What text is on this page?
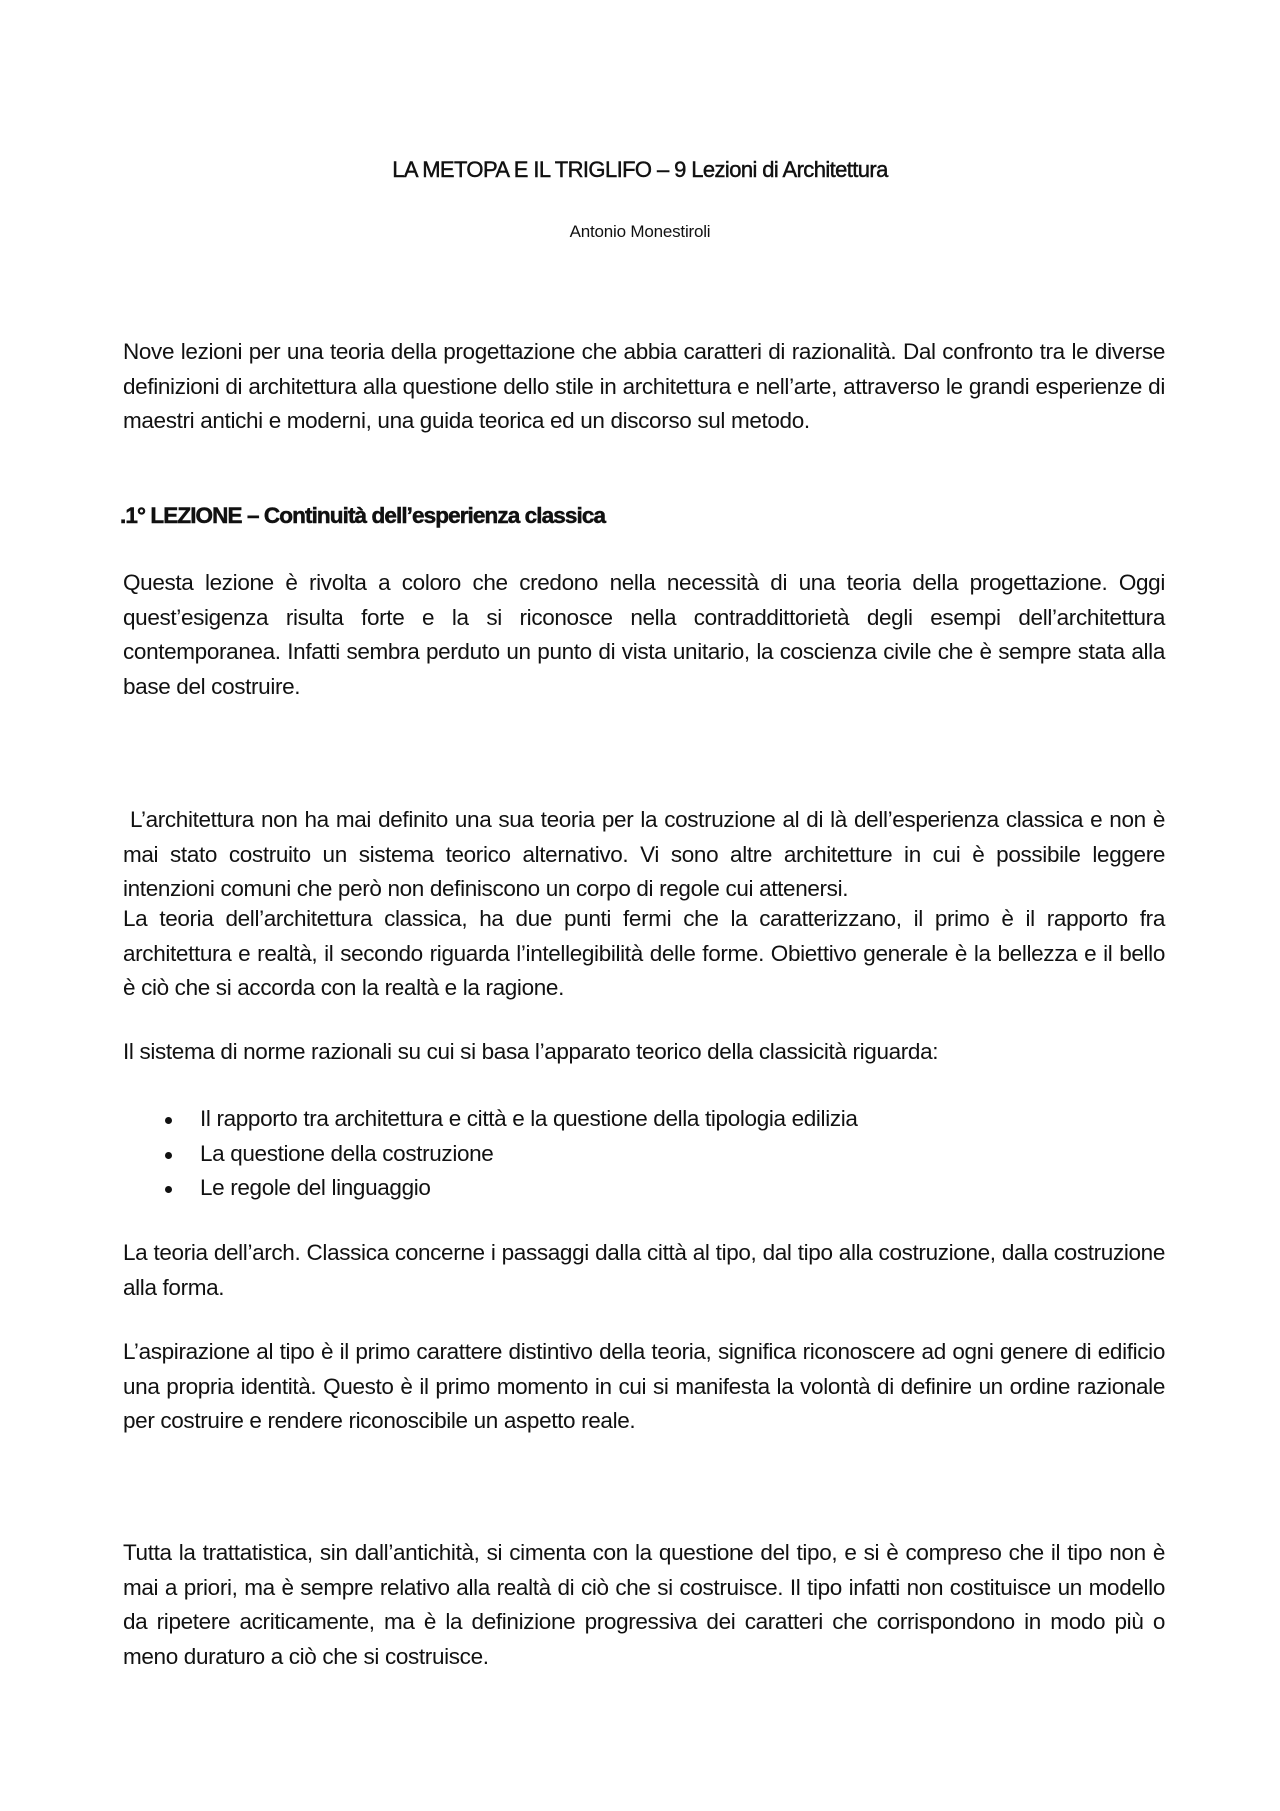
LA METOPA E IL TRIGLIFO – 9 Lezioni di Architettura

Antonio Monestiroli

Nove lezioni per una teoria della progettazione che abbia caratteri di razionalità. Dal confronto tra le diverse definizioni di architettura alla questione dello stile in architettura e nell’arte, attraverso le grandi esperienze di maestri antichi e moderni, una guida teorica ed un discorso sul metodo.

.1° LEZIONE – Continuità dell’esperienza classica

Questa lezione è rivolta a coloro che credono nella necessità di una teoria della progettazione. Oggi quest’esigenza risulta forte e la si riconosce nella contraddittorietà degli esempi dell’architettura contemporanea. Infatti sembra perduto un punto di vista unitario, la coscienza civile che è sempre stata alla base del costruire.

L’architettura non ha mai definito una sua teoria per la costruzione al di là dell’esperienza classica e non è mai stato costruito un sistema teorico alternativo. Vi sono altre architetture in cui è possibile leggere intenzioni comuni che però non definiscono un corpo di regole cui attenersi.

La teoria dell’architettura classica, ha due punti fermi che la caratterizzano, il primo è il rapporto fra architettura e realtà, il secondo riguarda l’intellegibilità delle forme. Obiettivo generale è la bellezza e il bello è ciò che si accorda con la realtà e la ragione.

Il sistema di norme razionali su cui si basa l’apparato teorico della classicità riguarda:

Il rapporto tra architettura e città e la questione della tipologia edilizia
La questione della costruzione
Le regole del linguaggio

La teoria dell’arch. Classica concerne i passaggi dalla città al tipo, dal tipo alla costruzione, dalla costruzione alla forma.

L’aspirazione al tipo è il primo carattere distintivo della teoria, significa riconoscere ad ogni genere di edificio una propria identità. Questo è il primo momento in cui si manifesta la volontà di definire un ordine razionale per costruire e rendere riconoscibile un aspetto reale.

Tutta la trattatistica, sin dall’antichità, si cimenta con la questione del tipo, e si è compreso che il tipo non è mai a priori, ma è sempre relativo alla realtà di ciò che si costruisce. Il tipo infatti non costituisce un modello da ripetere acriticamente, ma è la definizione progressiva dei caratteri che corrispondono in modo più o meno duraturo a ciò che si costruisce.
